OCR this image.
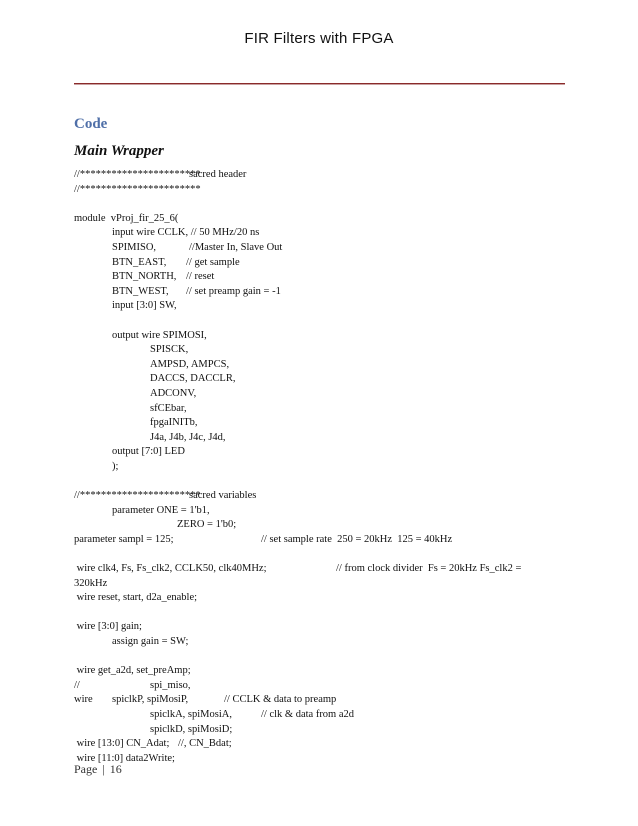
FIR Filters with FPGA
Code
Main Wrapper
//***********************
sacred header
//***********************
module  vProj_fir_25_6(
input wire CCLK, // 50 MHz/20 ns
SPIMISO,	//Master In, Slave Out
BTN_EAST, // get sample
BTN_NORTH, // reset
BTN_WEST, // set preamp gain = -1
input [3:0] SW,
output wire SPIMOSI,
SPISCK,
AMPSD, AMPCS,
DACCS, DACCLR,
ADCONV,
sfCEbar,
fpgaINITb,
J4a, J4b, J4c, J4d,
output [7:0] LED
);
//***********************
sacred variables
parameter ONE = 1'b1,
ZERO = 1'b0;
parameter sampl = 125;	// set sample rate  250 = 20kHz  125 = 40kHz
wire clk4, Fs, Fs_clk2, CCLK50, clk40MHz;	// from clock divider  Fs = 20kHz Fs_clk2 =
320kHz
wire reset, start, d2a_enable;
wire [3:0] gain;
assign gain = SW;
wire get_a2d, set_preAmp;
//	spi_miso,
wire spiclkP, spiMosiP,	// CCLK & data to preamp
spiclkA, spiMosiA,	// clk & data from a2d
spiclkD, spiMosiD;
wire [13:0] CN_Adat; //, CN_Bdat;
wire [11:0] data2Write;
Page | 16
